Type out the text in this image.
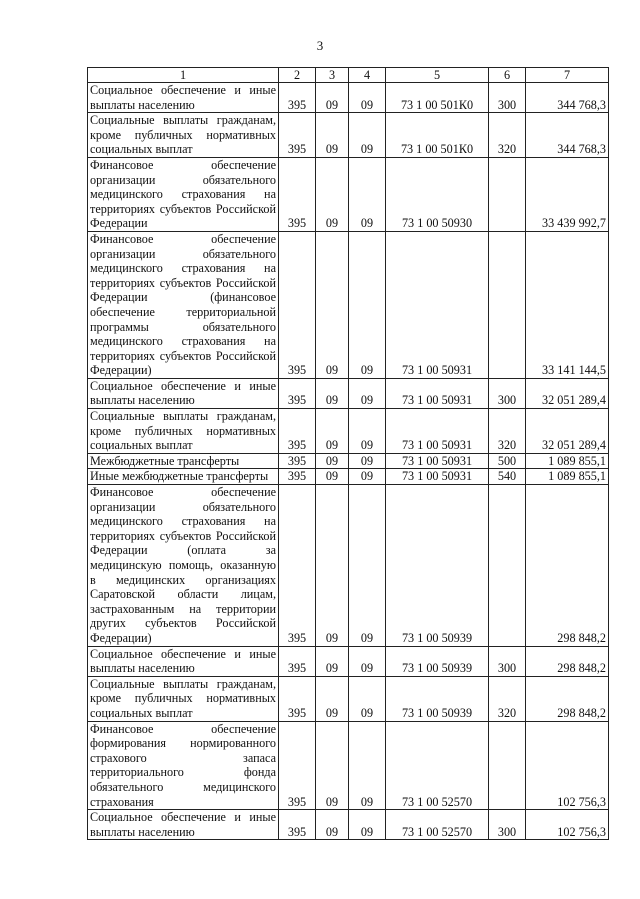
3
1	2	3	4	5	6	7
Социальное обеспечение и иные выплаты населению	395	09	09	73 1 00 501К0	300	344 768,3
Социальные выплаты гражданам, кроме публичных нормативных социальных выплат	395	09	09	73 1 00 501К0	320	344 768,3
Финансовое обеспечение организации обязательного медицинского страхования на территориях субъектов Российской Федерации	395	09	09	73 1 00 50930		33 439 992,7
Финансовое обеспечение организации обязательного медицинского страхования на территориях субъектов Российской Федерации (финансовое обеспечение территориальной программы обязательного медицинского страхования на территориях субъектов Российской Федерации)	395	09	09	73 1 00 50931		33 141 144,5
Социальное обеспечение и иные выплаты населению	395	09	09	73 1 00 50931	300	32 051 289,4
Социальные выплаты гражданам, кроме публичных нормативных социальных выплат	395	09	09	73 1 00 50931	320	32 051 289,4
Межбюджетные трансферты	395	09	09	73 1 00 50931	500	1 089 855,1
Иные межбюджетные трансферты	395	09	09	73 1 00 50931	540	1 089 855,1
Финансовое обеспечение организации обязательного медицинского страхования на территориях субъектов Российской Федерации (оплата за медицинскую помощь, оказанную в медицинских организациях Саратовской области лицам, застрахованным на территории других субъектов Российской Федерации)	395	09	09	73 1 00 50939		298 848,2
Социальное обеспечение и иные выплаты населению	395	09	09	73 1 00 50939	300	298 848,2
Социальные выплаты гражданам, кроме публичных нормативных социальных выплат	395	09	09	73 1 00 50939	320	298 848,2
Финансовое обеспечение формирования нормированного страхового запаса территориального фонда обязательного медицинского страхования	395	09	09	73 1 00 52570		102 756,3
Социальное обеспечение и иные выплаты населению	395	09	09	73 1 00 52570	300	102 756,3
